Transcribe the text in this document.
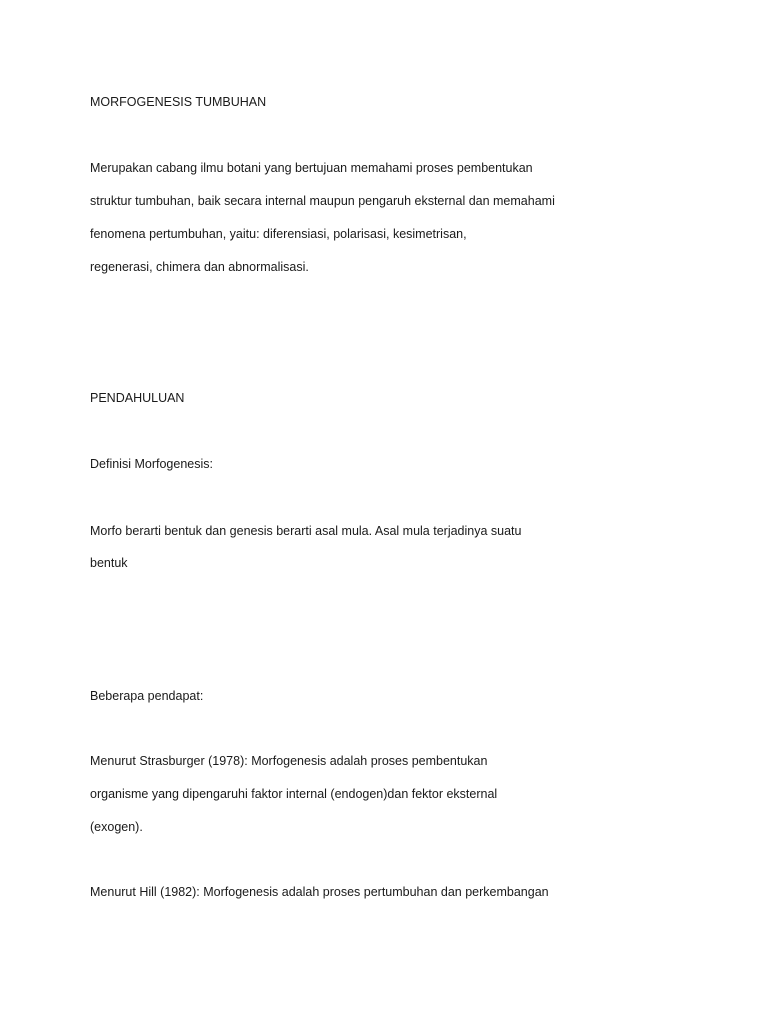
MORFOGENESIS TUMBUHAN
Merupakan cabang ilmu botani yang bertujuan memahami proses pembentukan
struktur tumbuhan, baik secara internal maupun pengaruh eksternal dan memahami
fenomena pertumbuhan, yaitu: diferensiasi, polarisasi, kesimetrisan,
regenerasi, chimera dan abnormalisasi.
PENDAHULUAN
Definisi Morfogenesis:
Morfo berarti bentuk dan genesis berarti asal mula. Asal mula terjadinya suatu
bentuk
Beberapa pendapat:
Menurut Strasburger (1978): Morfogenesis adalah proses pembentukan
organisme yang dipengaruhi faktor internal (endogen)dan fektor eksternal
(exogen).
Menurut Hill (1982): Morfogenesis adalah proses pertumbuhan dan perkembangan
